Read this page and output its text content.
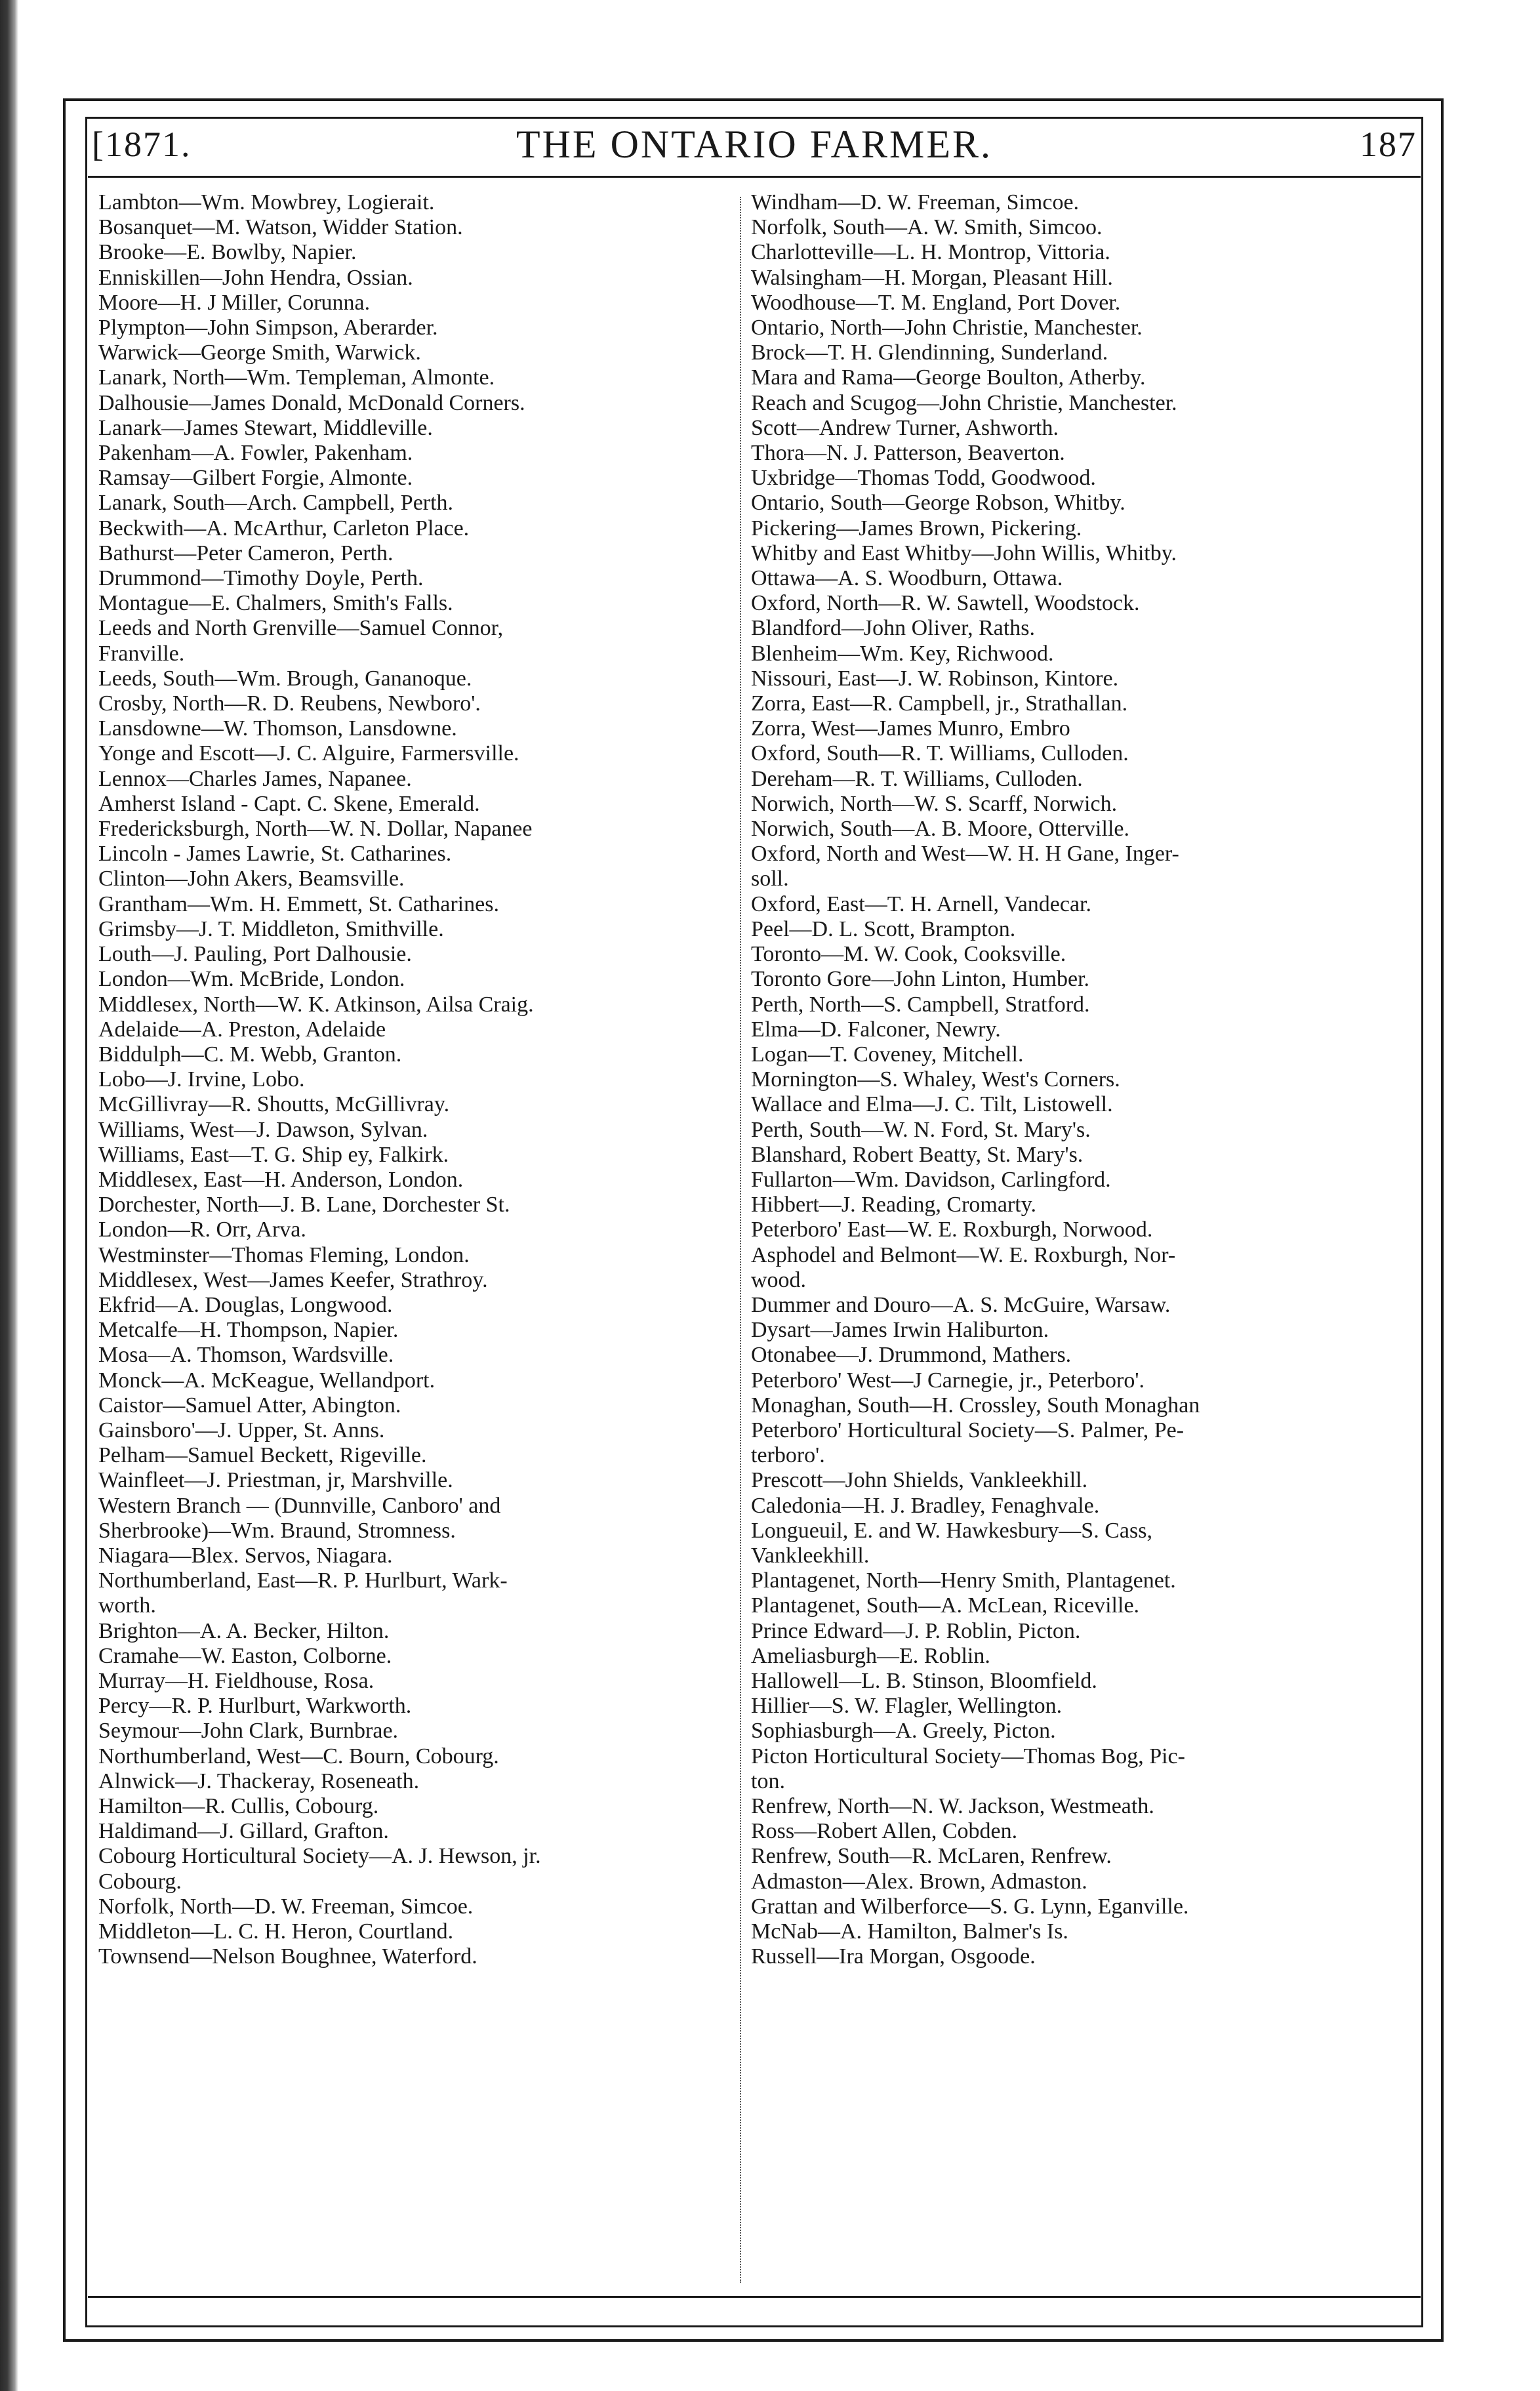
[1871.	THE ONTARIO FARMER.	187
Lambton—Wm. Mowbrey, Logierait.
Bosanquet—M. Watson, Widder Station.
Brooke—E. Bowlby, Napier.
Enniskillen—John Hendra, Ossian.
Moore—H. J Miller, Corunna.
Plympton—John Simpson, Aberarder.
Warwick—George Smith, Warwick.
Lanark, North—Wm. Templeman, Almonte.
Dalhousie—James Donald, McDonald Corners.
Lanark—James Stewart, Middleville.
Pakenham—A. Fowler, Pakenham.
Ramsay—Gilbert Forgie, Almonte.
Lanark, South—Arch. Campbell, Perth.
Beckwith—A. McArthur, Carleton Place.
Bathurst—Peter Cameron, Perth.
Drummond—Timothy Doyle, Perth.
Montague—E. Chalmers, Smith's Falls.
Leeds and North Grenville—Samuel Connor,
Franville.
Leeds, South—Wm. Brough, Gananoque.
Crosby, North—R. D. Reubens, Newboro'.
Lansdowne—W. Thomson, Lansdowne.
Yonge and Escott—J. C. Alguire, Farmersville.
Lennox—Charles James, Napanee.
Amherst Island - Capt. C. Skene, Emerald.
Fredericksburgh, North—W. N. Dollar, Napanee
Lincoln - James Lawrie, St. Catharines.
Clinton—John Akers, Beamsville.
Grantham—Wm. H. Emmett, St. Catharines.
Grimsby—J. T. Middleton, Smithville.
Louth—J. Pauling, Port Dalhousie.
London—Wm. McBride, London.
Middlesex, North—W. K. Atkinson, Ailsa Craig.
Adelaide—A. Preston, Adelaide
Biddulph—C. M. Webb, Granton.
Lobo—J. Irvine, Lobo.
McGillivray—R. Shoutts, McGillivray.
Williams, West—J. Dawson, Sylvan.
Williams, East—T. G. Ship ey, Falkirk.
Middlesex, East—H. Anderson, London.
Dorchester, North—J. B. Lane, Dorchester St.
London—R. Orr, Arva.
Westminster—Thomas Fleming, London.
Middlesex, West—James Keefer, Strathroy.
Ekfrid—A. Douglas, Longwood.
Metcalfe—H. Thompson, Napier.
Mosa—A. Thomson, Wardsville.
Monck—A. McKeague, Wellandport.
Caistor—Samuel Atter, Abington.
Gainsboro'—J. Upper, St. Anns.
Pelham—Samuel Beckett, Rigeville.
Wainfleet—J. Priestman, jr, Marshville.
Western Branch — (Dunnville, Canboro' and
Sherbrooke)—Wm. Braund, Stromness.
Niagara—Blex. Servos, Niagara.
Northumberland, East—R. P. Hurlburt, Wark-
worth.
Brighton—A. A. Becker, Hilton.
Cramahe—W. Easton, Colborne.
Murray—H. Fieldhouse, Rosa.
Percy—R. P. Hurlburt, Warkworth.
Seymour—John Clark, Burnbrae.
Northumberland, West—C. Bourn, Cobourg.
Alnwick—J. Thackeray, Roseneath.
Hamilton—R. Cullis, Cobourg.
Haldimand—J. Gillard, Grafton.
Cobourg Horticultural Society—A. J. Hewson, jr.
Cobourg.
Norfolk, North—D. W. Freeman, Simcoe.
Middleton—L. C. H. Heron, Courtland.
Townsend—Nelson Boughnee, Waterford.
Windham—D. W. Freeman, Simcoe.
Norfolk, South—A. W. Smith, Simcoo.
Charlotteville—L. H. Montrop, Vittoria.
Walsingham—H. Morgan, Pleasant Hill.
Woodhouse—T. M. England, Port Dover.
Ontario, North—John Christie, Manchester.
Brock—T. H. Glendinning, Sunderland.
Mara and Rama—George Boulton, Atherby.
Reach and Scugog—John Christie, Manchester.
Scott—Andrew Turner, Ashworth.
Thora—N. J. Patterson, Beaverton.
Uxbridge—Thomas Todd, Goodwood.
Ontario, South—George Robson, Whitby.
Pickering—James Brown, Pickering.
Whitby and East Whitby—John Willis, Whitby.
Ottawa—A. S. Woodburn, Ottawa.
Oxford, North—R. W. Sawtell, Woodstock.
Blandford—John Oliver, Raths.
Blenheim—Wm. Key, Richwood.
Nissouri, East—J. W. Robinson, Kintore.
Zorra, East—R. Campbell, jr., Strathallan.
Zorra, West—James Munro, Embro
Oxford, South—R. T. Williams, Culloden.
Dereham—R. T. Williams, Culloden.
Norwich, North—W. S. Scarff, Norwich.
Norwich, South—A. B. Moore, Otterville.
Oxford, North and West—W. H. H Gane, Inger-
soll.
Oxford, East—T. H. Arnell, Vandecar.
Peel—D. L. Scott, Brampton.
Toronto—M. W. Cook, Cooksville.
Toronto Gore—John Linton, Humber.
Perth, North—S. Campbell, Stratford.
Elma—D. Falconer, Newry.
Logan—T. Coveney, Mitchell.
Mornington—S. Whaley, West's Corners.
Wallace and Elma—J. C. Tilt, Listowell.
Perth, South—W. N. Ford, St. Mary's.
Blanshard, Robert Beatty, St. Mary's.
Fullarton—Wm. Davidson, Carlingford.
Hibbert—J. Reading, Cromarty.
Peterboro' East—W. E. Roxburgh, Norwood.
Asphodel and Belmont—W. E. Roxburgh, Nor-
wood.
Dummer and Douro—A. S. McGuire, Warsaw.
Dysart—James Irwin Haliburton.
Otonabee—J. Drummond, Mathers.
Peterboro' West—J Carnegie, jr., Peterboro'.
Monaghan, South—H. Crossley, South Monaghan
Peterboro' Horticultural Society—S. Palmer, Pe-
terboro'.
Prescott—John Shields, Vankleekhill.
Caledonia—H. J. Bradley, Fenaghvale.
Longueuil, E. and W. Hawkesbury—S. Cass,
Vankleekhill.
Plantagenet, North—Henry Smith, Plantagenet.
Plantagenet, South—A. McLean, Riceville.
Prince Edward—J. P. Roblin, Picton.
Ameliasburgh—E. Roblin.
Hallowell—L. B. Stinson, Bloomfield.
Hillier—S. W. Flagler, Wellington.
Sophiasburgh—A. Greely, Picton.
Picton Horticultural Society—Thomas Bog, Pic-
ton.
Renfrew, North—N. W. Jackson, Westmeath.
Ross—Robert Allen, Cobden.
Renfrew, South—R. McLaren, Renfrew.
Admaston—Alex. Brown, Admaston.
Grattan and Wilberforce—S. G. Lynn, Eganville.
McNab—A. Hamilton, Balmer's Is.
Russell—Ira Morgan, Osgoode.
